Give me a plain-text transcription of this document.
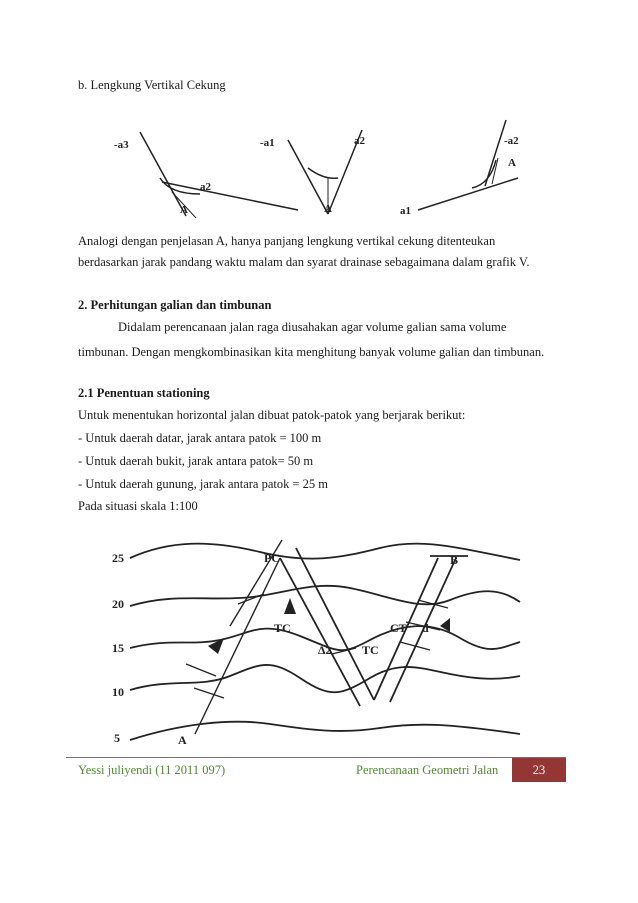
b. Lengkung Vertikal Cekung
-a3
a2
A
-a1	a2
A
-a2
A
a1
Analogi dengan penjelasan A, hanya panjang lengkung vertikal cekung ditenteukan
berdasarkan jarak pandang waktu malam dan syarat drainase sebagaimana dalam grafik V.
2. Perhitungan galian dan timbunan
Didalam perencanaan jalan raga diusahakan agar volume galian sama volume
timbunan. Dengan mengkombinasikan kita menghitung banyak volume galian dan timbunan.
2.1 Penentuan stationing
Untuk menentukan horizontal jalan dibuat patok-patok yang berjarak berikut:
- Untuk daerah datar, jarak antara patok = 100 m
- Untuk daerah bukit, jarak antara patok= 50 m
- Untuk daerah gunung, jarak antara patok = 25 m
Pada situasi skala 1:100
25
20
15
10
5
PC	B
TC	CT d
Δ2	TC
A
Yessi juliyendi (11 2011 097)	Perencanaan Geometri Jalan	23
